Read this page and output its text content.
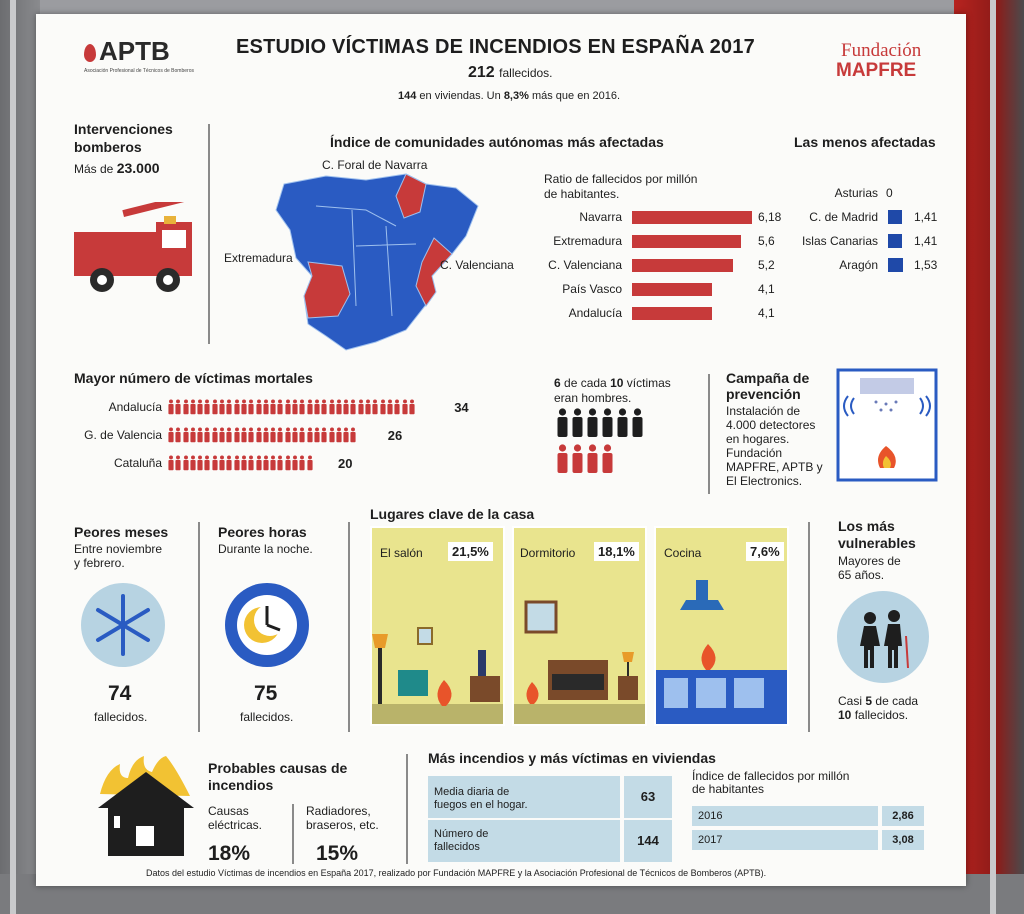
APTB
Asociación Profesional de Técnicos de Bomberos
ESTUDIO VÍCTIMAS DE INCENDIOS EN ESPAÑA 2017
212 fallecidos.
144 en viviendas. Un 8,3% más que en 2016.
Fundación
MAPFRE
Intervenciones
bomberos
Más de 23.000
Índice de comunidades autónomas más afectadas
C. Foral de Navarra
Extremadura	C. Valenciana
Ratio de fallecidos por millón
de habitantes.
Navarra	6,18
Extremadura	5,6
C. Valenciana	5,2
País Vasco	4,1
Andalucía	4,1
Las menos afectadas
Asturias 0
C. de Madrid	1,41
Islas Canarias	1,41
Aragón	1,53
Mayor número de víctimas mortales
Andalucía	34
G. de Valencia	26
Cataluña	20
6 de cada 10 víctimas
eran hombres.
Campaña de
prevención
Instalación de
4.000 detectores
en hogares.
Fundación
MAPFRE, APTB y
El Electronics.
Peores meses
Entre noviembre
y febrero.
74
fallecidos.
Peores horas
Durante la noche.
75
fallecidos.
Lugares clave de la casa
El salón	21,5%	Dormitorio	18,1%	Cocina	7,6%
Los más
vulnerables
Mayores de
65 años.
Casi 5 de cada
10 fallecidos.
Probables causas de
incendios
Causas
eléctricas.
18%
Radiadores,
braseros, etc.
15%
Más incendios y más víctimas en viviendas
Media diaria de
fuegos en el hogar.
63
Número de
fallecidos	144
Índice de fallecidos por millón
de habitantes
2016	2,86
2017	3,08
Datos del estudio Víctimas de incendios en España 2017, realizado por Fundación MAPFRE y la Asociación Profesional de Técnicos de Bomberos (APTB).
